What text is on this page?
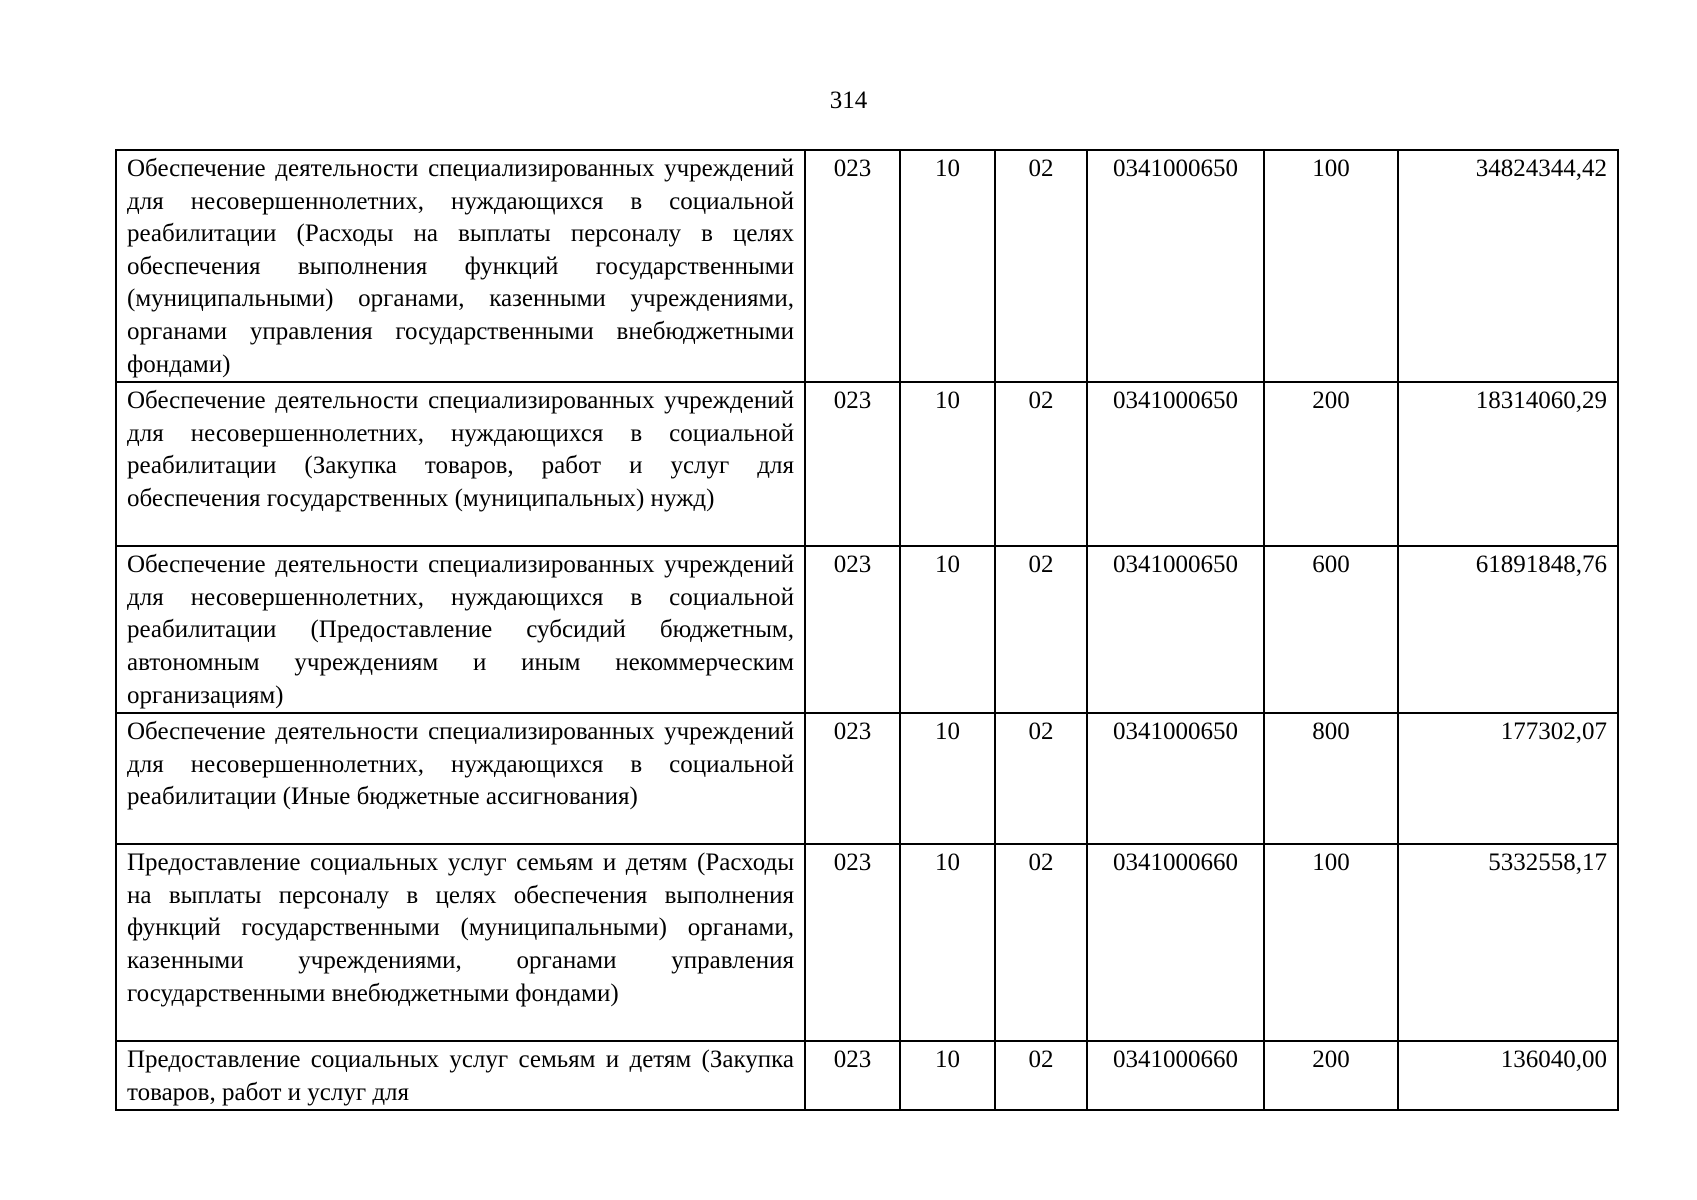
314
Обеспечение деятельности специализированных учреждений для несовершеннолетних, нуждающихся в социальной реабилитации (Расходы на выплаты персоналу в целях обеспечения выполнения функций государственными (муниципальными) органами, казенными учреждениями, органами управления государственными внебюджетными фондами)	023	10	02	0341000650	100	34824344,42
Обеспечение деятельности специализированных учреждений для несовершеннолетних, нуждающихся в социальной реабилитации (Закупка товаров, работ и услуг для обеспечения государственных (муниципальных) нужд)	023	10	02	0341000650	200	18314060,29
Обеспечение деятельности специализированных учреждений для несовершеннолетних, нуждающихся в социальной реабилитации (Предоставление субсидий бюджетным, автономным учреждениям и иным некоммерческим организациям)	023	10	02	0341000650	600	61891848,76
Обеспечение деятельности специализированных учреждений для несовершеннолетних, нуждающихся в социальной реабилитации (Иные бюджетные ассигнования)	023	10	02	0341000650	800	177302,07
Предоставление социальных услуг семьям и детям (Расходы на выплаты персоналу в целях обеспечения выполнения функций государственными (муниципальными) органами, казенными учреждениями, органами управления государственными внебюджетными фондами)	023	10	02	0341000660	100	5332558,17
Предоставление социальных услуг семьям и детям (Закупка товаров, работ и услуг для	023	10	02	0341000660	200	136040,00
